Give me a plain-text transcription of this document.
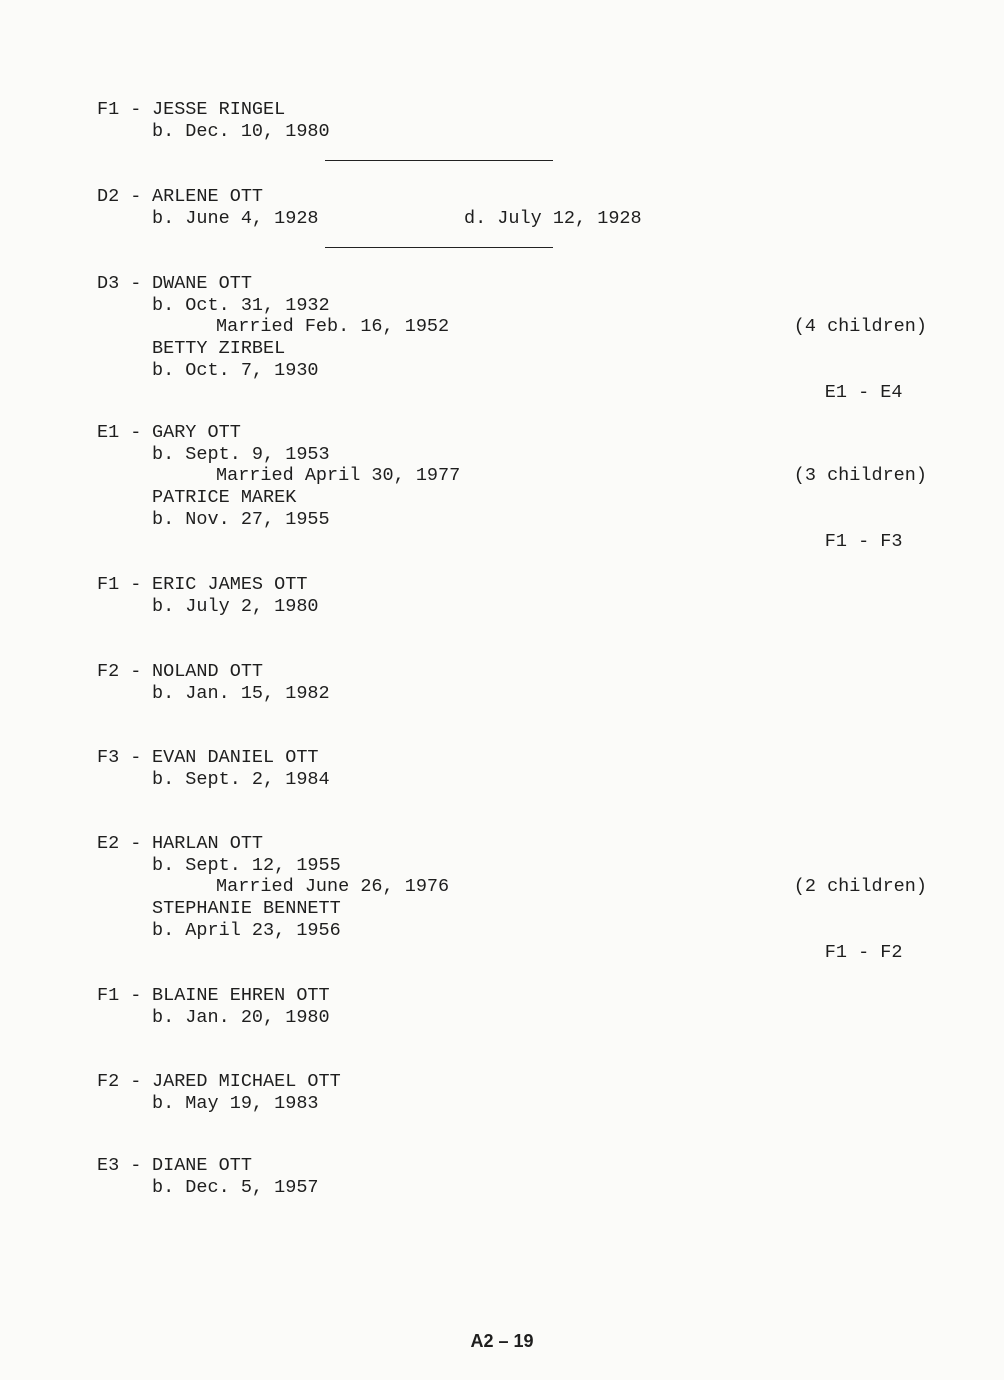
F1 - JESSE RINGEL
b. Dec. 10, 1980
D2 - ARLENE OTT
b. June 4, 1928	d. July 12, 1928
D3 - DWANE OTT
b. Oct. 31, 1932
Married Feb. 16, 1952
BETTY ZIRBEL
b. Oct. 7, 1930

(4 children)

E1 - E4

E1 - GARY OTT
b. Sept. 9, 1953
Married April 30, 1977
PATRICE MAREK
b. Nov. 27, 1955

(3 children)

F1 - F3

F1 - ERIC JAMES OTT
b. July 2, 1980
F2 - NOLAND OTT
b. Jan. 15, 1982
F3 - EVAN DANIEL OTT
b. Sept. 2, 1984
E2 - HARLAN OTT
b. Sept. 12, 1955
Married June 26, 1976
STEPHANIE BENNETT
b. April 23, 1956

(2 children)

F1 - F2

F1 - BLAINE EHREN OTT
b. Jan. 20, 1980
F2 - JARED MICHAEL OTT
b. May 19, 1983
E3 - DIANE OTT
b. Dec. 5, 1957
A2 – 19
